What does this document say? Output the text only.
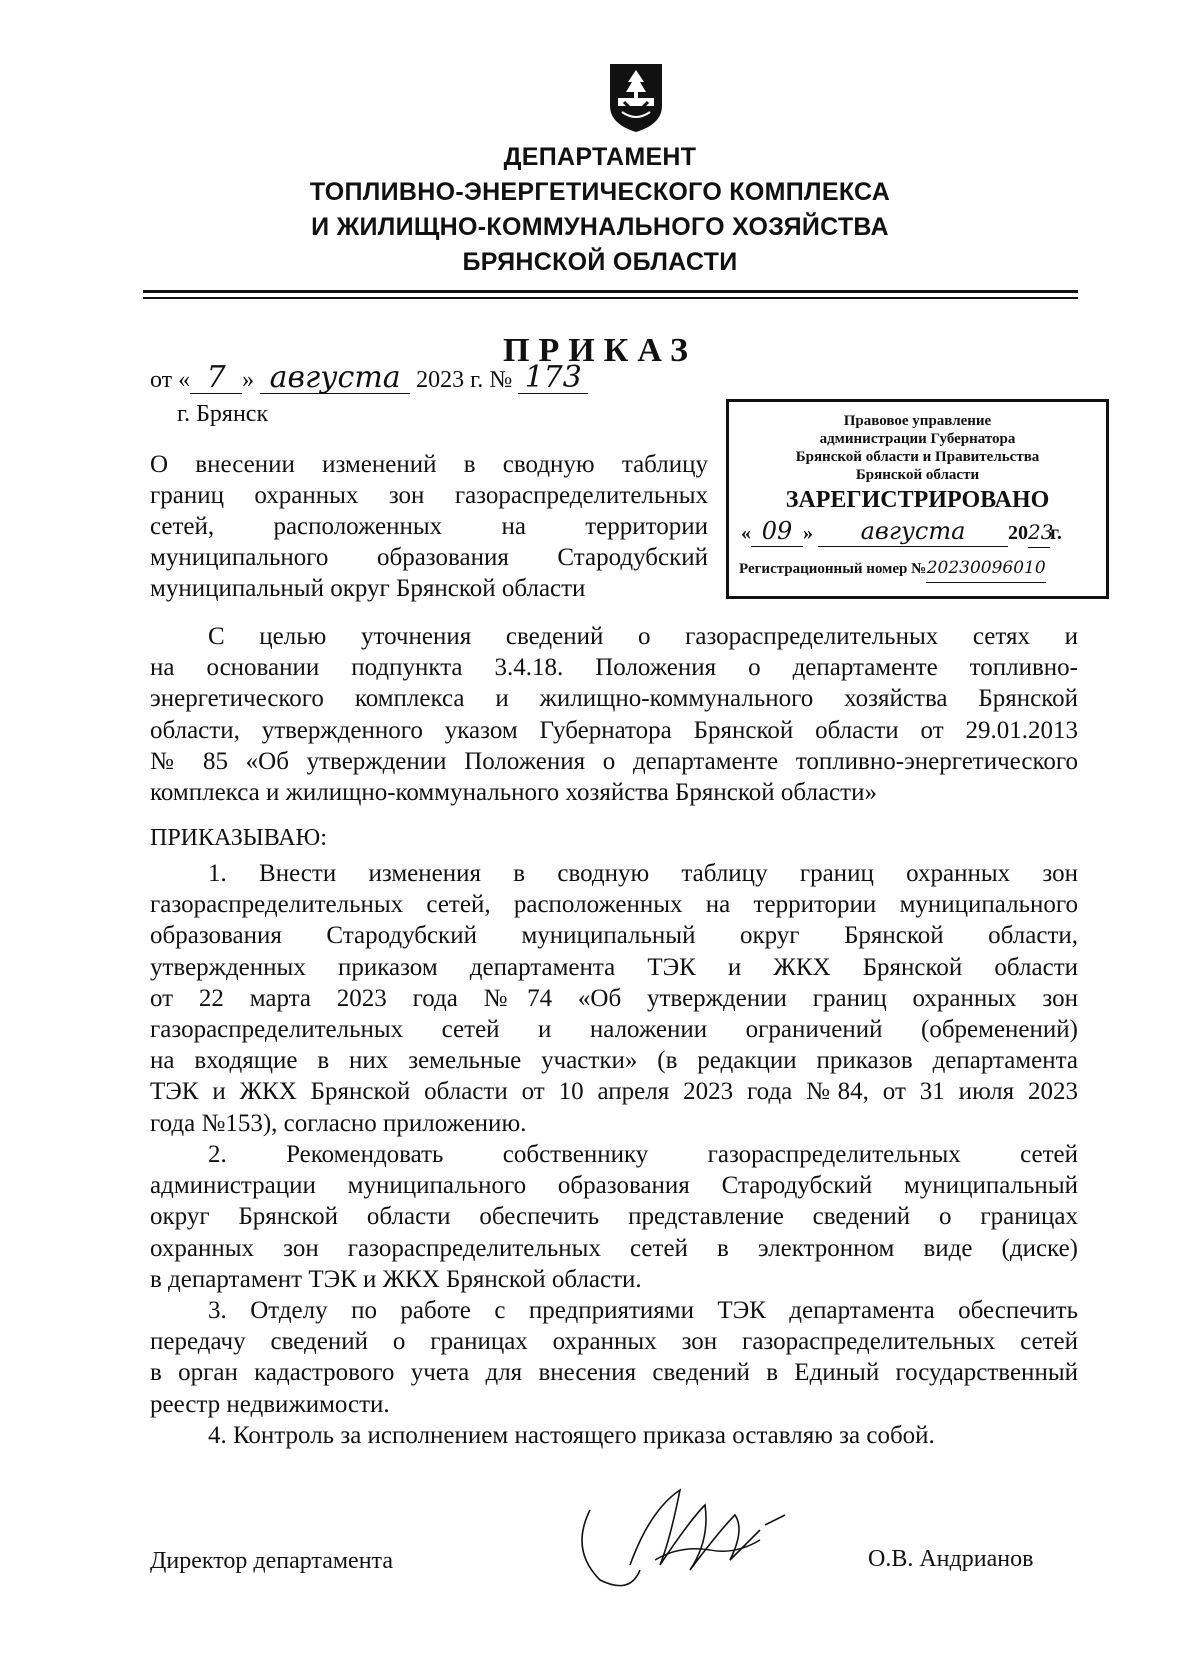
ДЕПАРТАМЕНТ
ТОПЛИВНО-ЭНЕРГЕТИЧЕСКОГО КОМПЛЕКСА
И ЖИЛИЩНО-КОММУНАЛЬНОГО ХОЗЯЙСТВА
БРЯНСКОЙ ОБЛАСТИ
ПРИКАЗ
от « 7 » августа 2023 г. № 173
г. Брянск
О внесении изменений в сводную таблицу
границ охранных зон газораспределительных
сетей, расположенных на территории
муниципального образования Стародубский
муниципальный округ Брянской области
Правовое управление
администрации Губернатора
Брянской области и Правительства
Брянской области
ЗАРЕГИСТРИРОВАНО
« 09 » августа 2023г.
Регистрационный номер №20230096010
С целью уточнения сведений о газораспределительных сетях и
на основании подпункта 3.4.18. Положения о департаменте топливно-
энергетического комплекса и жилищно-коммунального хозяйства Брянской
области, утвержденного указом Губернатора Брянской области от 29.01.2013
№ 85 «Об утверждении Положения о департаменте топливно-энергетического
комплекса и жилищно-коммунального хозяйства Брянской области»
ПРИКАЗЫВАЮ:
1. Внести изменения в сводную таблицу границ охранных зон
газораспределительных сетей, расположенных на территории муниципального
образования Стародубский муниципальный округ Брянской области,
утвержденных приказом департамента ТЭК и ЖКХ Брянской области
от 22 марта 2023 года №74 «Об утверждении границ охранных зон
газораспределительных сетей и наложении ограничений (обременений)
на входящие в них земельные участки» (в редакции приказов департамента
ТЭК и ЖКХ Брянской области от 10 апреля 2023 года №84, от 31 июля 2023
года №153), согласно приложению.
2. Рекомендовать собственнику газораспределительных сетей
администрации муниципального образования Стародубский муниципальный
округ Брянской области обеспечить представление сведений о границах
охранных зон газораспределительных сетей в электронном виде (диске)
в департамент ТЭК и ЖКХ Брянской области.
3. Отделу по работе с предприятиями ТЭК департамента обеспечить
передачу сведений о границах охранных зон газораспределительных сетей
в орган кадастрового учета для внесения сведений в Единый государственный
реестр недвижимости.
4. Контроль за исполнением настоящего приказа оставляю за собой.
Директор департамента	О.В. Андрианов
